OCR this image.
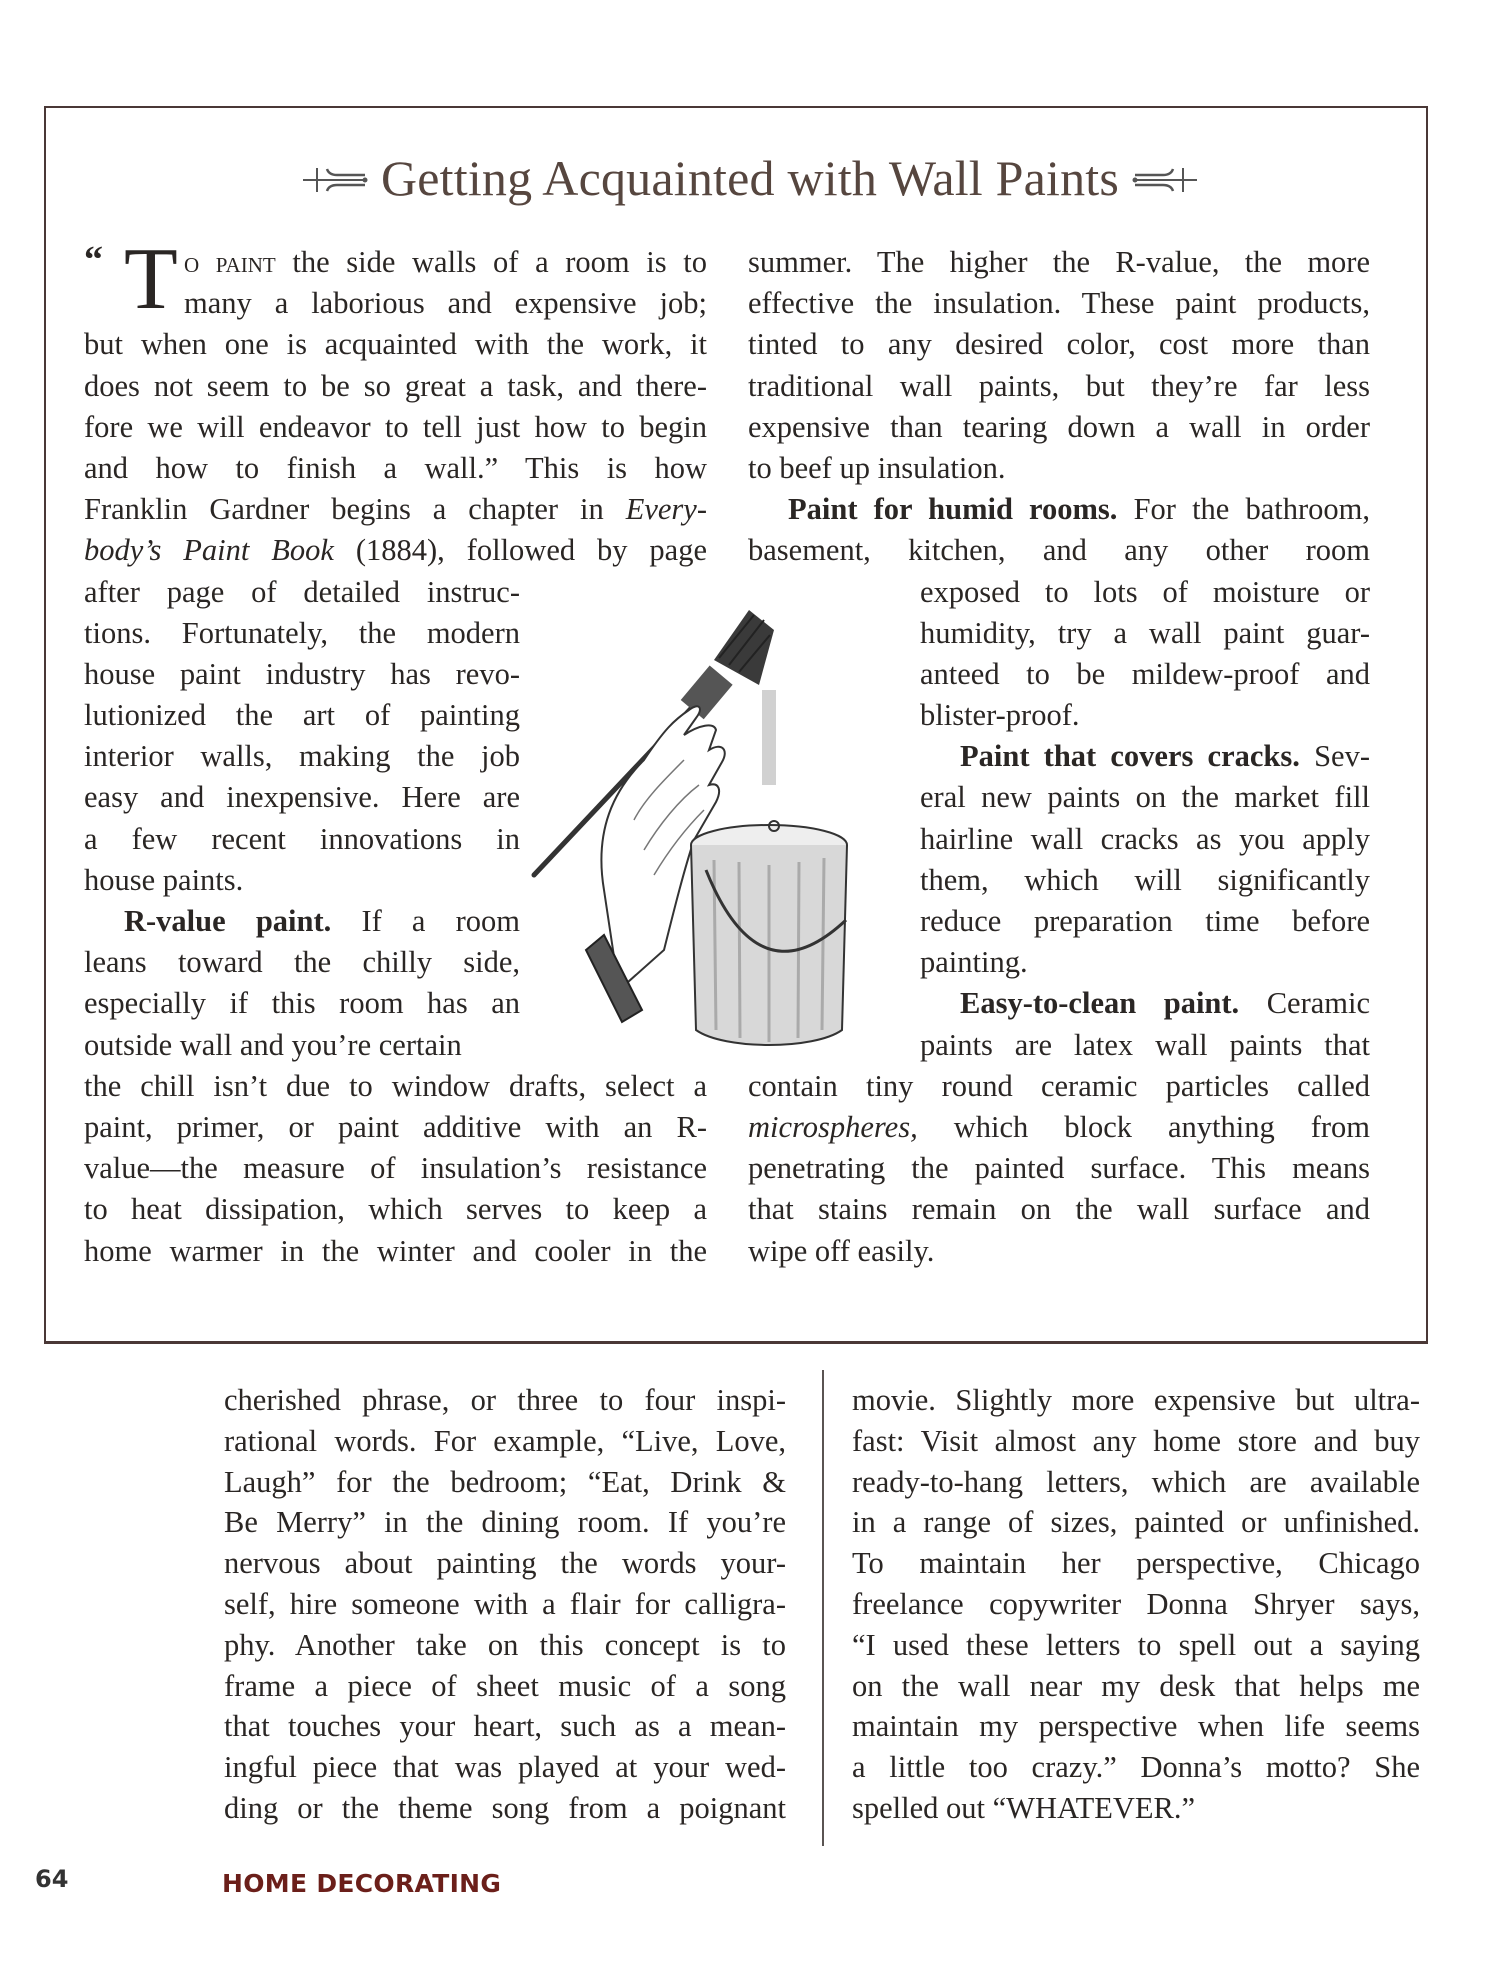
Getting Acquainted with Wall Paints
“ T o paint the side walls of a room is to
many a laborious and expensive job;
but when one is acquainted with the work, it
does not seem to be so great a task, and there-
fore we will endeavor to tell just how to begin
and how to finish a wall.” This is how
Franklin Gardner begins a chapter in Every-
body’s Paint Book (1884), followed by page
after page of detailed instruc-
tions. Fortunately, the modern
house paint industry has revo-
lutionized the art of painting
interior walls, making the job
easy and inexpensive. Here are
a few recent innovations in
house paints.
R-value paint. If a room
leans toward the chilly side,
especially if this room has an
outside wall and you’re certain
the chill isn’t due to window drafts, select a
paint, primer, or paint additive with an R-
value—the measure of insulation’s resistance
to heat dissipation, which serves to keep a
home warmer in the winter and cooler in the
summer. The higher the R-value, the more
effective the insulation. These paint products,
tinted to any desired color, cost more than
traditional wall paints, but they’re far less
expensive than tearing down a wall in order
to beef up insulation.
Paint for humid rooms. For the bathroom,
basement, kitchen, and any other room
exposed to lots of moisture or
humidity, try a wall paint guar-
anteed to be mildew-proof and
blister-proof.
Paint that covers cracks. Sev-
eral new paints on the market fill
hairline wall cracks as you apply
them, which will significantly
reduce preparation time before
painting.
Easy-to-clean paint. Ceramic
paints are latex wall paints that
contain tiny round ceramic particles called
microspheres, which block anything from
penetrating the painted surface. This means
that stains remain on the wall surface and
wipe off easily.
cherished phrase, or three to four inspi-
rational words. For example, “Live, Love,
Laugh” for the bedroom; “Eat, Drink &
Be Merry” in the dining room. If you’re
nervous about painting the words your-
self, hire someone with a flair for calligra-
phy. Another take on this concept is to
frame a piece of sheet music of a song
that touches your heart, such as a mean-
ingful piece that was played at your wed-
ding or the theme song from a poignant
movie. Slightly more expensive but ultra-
fast: Visit almost any home store and buy
ready-to-hang letters, which are available
in a range of sizes, painted or unfinished.
To maintain her perspective, Chicago
freelance copywriter Donna Shryer says,
“I used these letters to spell out a saying
on the wall near my desk that helps me
maintain my perspective when life seems
a little too crazy.” Donna’s motto? She
spelled out “WHATEVER.”
64	HOME DECORATING
